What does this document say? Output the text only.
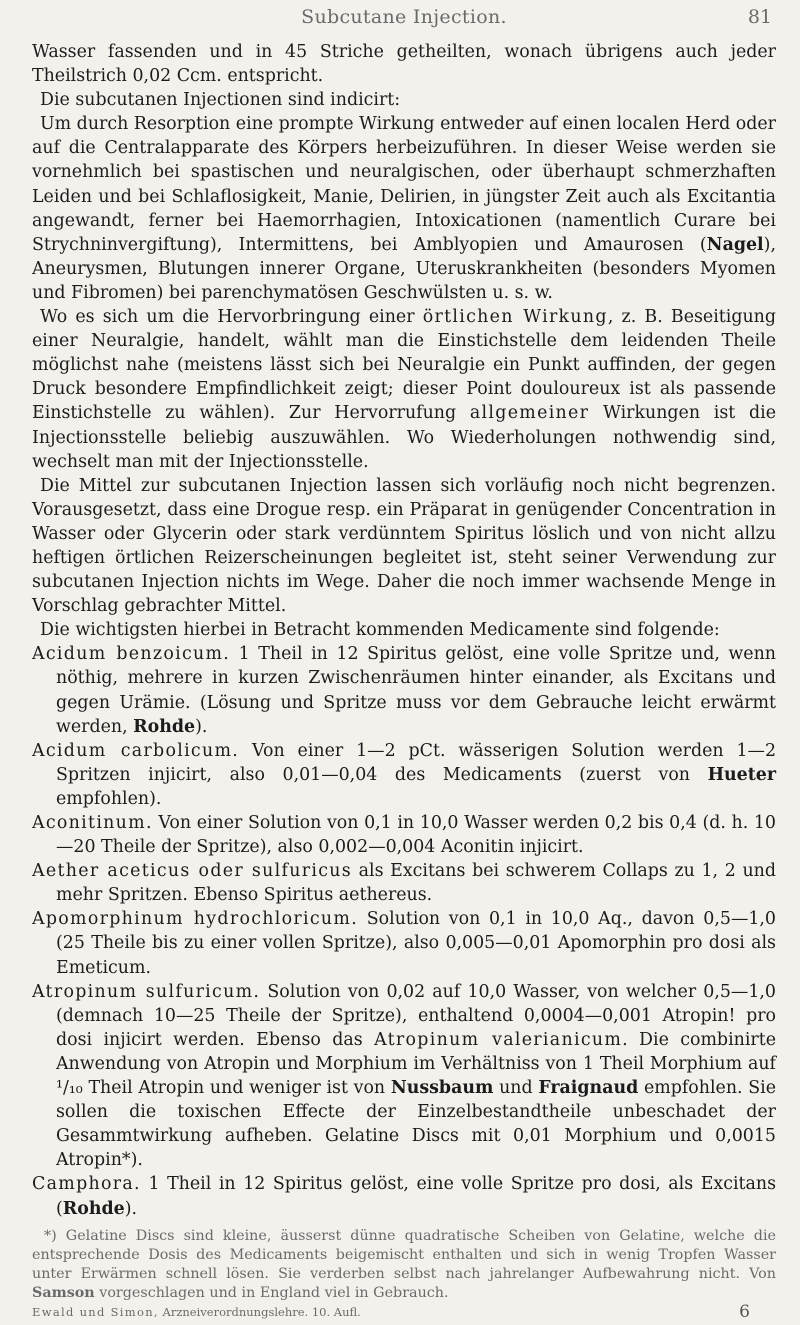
Subcutane Injection.	81

Wasser fassenden und in 45 Striche getheilten, wonach übrigens auch jeder Theilstrich 0,02 Ccm. entspricht.

Die subcutanen Injectionen sind indicirt:

Um durch Resorption eine prompte Wirkung entweder auf einen localen Herd oder auf die Centralapparate des Körpers herbeizuführen. In dieser Weise werden sie vornehmlich bei spastischen und neuralgischen, oder überhaupt schmerzhaften Leiden und bei Schlaflosigkeit, Manie, Delirien, in jüngster Zeit auch als Excitantia angewandt, ferner bei Haemorrhagien, Intoxicationen (namentlich Curare bei Strychninvergiftung), Intermittens, bei Amblyopien und Amaurosen (Nagel), Aneurysmen, Blutungen innerer Organe, Uteruskrankheiten (besonders Myomen und Fibromen) bei parenchymatösen Geschwülsten u. s. w.

Wo es sich um die Hervorbringung einer örtlichen Wirkung, z. B. Beseitigung einer Neuralgie, handelt, wählt man die Einstichstelle dem leidenden Theile möglichst nahe (meistens lässt sich bei Neuralgie ein Punkt auffinden, der gegen Druck besondere Empfindlichkeit zeigt; dieser Point douloureux ist als passende Einstichstelle zu wählen). Zur Hervorrufung allgemeiner Wirkungen ist die Injectionsstelle beliebig auszuwählen. Wo Wiederholungen nothwendig sind, wechselt man mit der Injectionsstelle.

Die Mittel zur subcutanen Injection lassen sich vorläufig noch nicht begrenzen. Vorausgesetzt, dass eine Drogue resp. ein Präparat in genügender Concentration in Wasser oder Glycerin oder stark verdünntem Spiritus löslich und von nicht allzu heftigen örtlichen Reizerscheinungen begleitet ist, steht seiner Verwendung zur subcutanen Injection nichts im Wege. Daher die noch immer wachsende Menge in Vorschlag gebrachter Mittel.

Die wichtigsten hierbei in Betracht kommenden Medicamente sind folgende:

Acidum benzoicum. 1 Theil in 12 Spiritus gelöst, eine volle Spritze und, wenn nöthig, mehrere in kurzen Zwischenräumen hinter einander, als Excitans und gegen Urämie. (Lösung und Spritze muss vor dem Gebrauche leicht erwärmt werden, Rohde).

Acidum carbolicum. Von einer 1—2 pCt. wässerigen Solution werden 1—2 Spritzen injicirt, also 0,01—0,04 des Medicaments (zuerst von Hueter empfohlen).

Aconitinum. Von einer Solution von 0,1 in 10,0 Wasser werden 0,2 bis 0,4 (d. h. 10—20 Theile der Spritze), also 0,002—0,004 Aconitin injicirt.

Aether aceticus oder sulfuricus als Excitans bei schwerem Collaps zu 1, 2 und mehr Spritzen. Ebenso Spiritus aethereus.

Apomorphinum hydrochloricum. Solution von 0,1 in 10,0 Aq., davon 0,5—1,0 (25 Theile bis zu einer vollen Spritze), also 0,005—0,01 Apomorphin pro dosi als Emeticum.

Atropinum sulfuricum. Solution von 0,02 auf 10,0 Wasser, von welcher 0,5—1,0 (demnach 10—25 Theile der Spritze), enthaltend 0,0004—0,001 Atropin! pro dosi injicirt werden. Ebenso das Atropinum valerianicum. Die combinirte Anwendung von Atropin und Morphium im Verhältniss von 1 Theil Morphium auf ¹/₁₀ Theil Atropin und weniger ist von Nussbaum und Fraignaud empfohlen. Sie sollen die toxischen Effecte der Einzelbestandtheile unbeschadet der Gesammtwirkung aufheben. Gelatine Discs mit 0,01 Morphium und 0,0015 Atropin*).

Camphora. 1 Theil in 12 Spiritus gelöst, eine volle Spritze pro dosi, als Excitans (Rohde).

*) Gelatine Discs sind kleine, äusserst dünne quadratische Scheiben von Gelatine, welche die entsprechende Dosis des Medicaments beigemischt enthalten und sich in wenig Tropfen Wasser unter Erwärmen schnell lösen. Sie verderben selbst nach jahrelanger Aufbewahrung nicht. Von Samson vorgeschlagen und in England viel in Gebrauch.

Ewald und Simon, Arzneiverordnungslehre. 10. Aufl.	6
